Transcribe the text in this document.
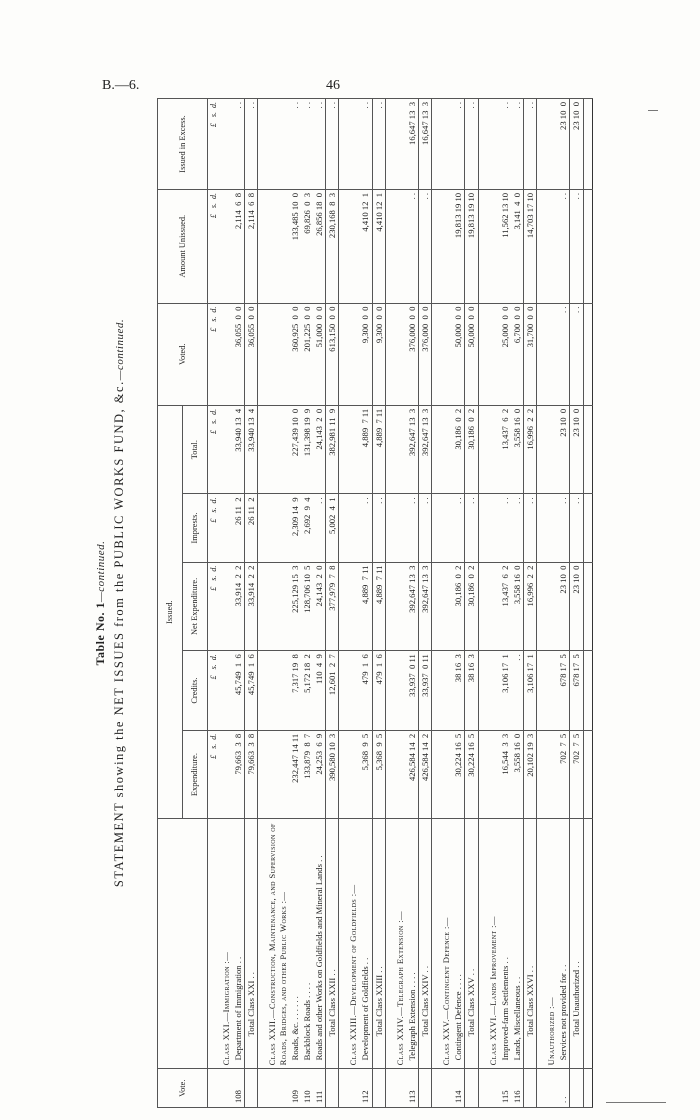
B.—6.	46
Table No. 1—continued. STATEMENT showing the NET ISSUES from the PUBLIC WORKS FUND, &c.—continued.
Vote.		Issued.					Voted.	Amount Unissued.	Issued in Excess.
		Expenditure.	Credits.	Net Expenditure.	Imprests.	Total.			
		£   s.  d.	£   s.  d.	£   s.  d.	£   s.  d.	£   s.  d.	£   s.  d.	£   s.  d.	£   s.  d.
	Class XXI.—Immigration :—								
108	Department of Immigration . .	79,663  3  8	45,749  1  6	33,914  2  2	26 11  2	33,940 13  4	36,055  0  0	2,114  6  8	. .
	Total Class XXI . .	79,663  3  8	45,749  1  6	33,914  2  2	26 11  2	33,940 13  4	36,055  0  0	2,114  6  8	. .

	Class XXII.—Construction, Maintenance, and Supervision of Roads, Bridges, and other Public Works :—								
109	Roads, &c. . . . . . .	232,447 14 11	7,317 19  8	225,129 15  3	2,309 14  9	227,439 10  0	360,925  0  0	133,485 10  0	. .
110	Backblock Roads . . . .	133,879  8  7	5,172 18  2	128,706 10  5	2,692  9  4	131,398 19  9	201,225  0  0	69,826  0  3	. .
111	Roads and other Works on Goldfields and Mineral Lands . .	24,253  6  9	110  4  9	24,143  2  0	. .	24,143  2  0	51,000  0  0	26,856 18  0	. .
	Total Class XXII . .	390,580 10  3	12,601  2  7	377,979  7  8	5,002  4  1	382,981 11  9	613,150  0  0	230,168  8  3	. .

	Class XXIII.—Development of Goldfields :—								
112	Development of Goldfields . .	5,368  9  5	479  1  6	4,889  7 11	. .	4,889  7 11	9,300  0  0	4,410 12  1	. .
	Total Class XXIII . .	5,368  9  5	479  1  6	4,889  7 11	. .	4,889  7 11	9,300  0  0	4,410 12  1	. .

	Class XXIV.—Telegraph Extension :—								
113	Telegraph Extension . . . .	426,584 14  2	33,937  0 11	392,647 13  3	. .	392,647 13  3	376,000  0  0	. .	16,647 13  3
	Total Class XXIV . .	426,584 14  2	33,937  0 11	392,647 13  3	. .	392,647 13  3	376,000  0  0	. .	16,647 13  3

	Class XXV.—Contingent Defence :—								
114	Contingent Defence . . . .	30,224 16  5	38 16  3	30,186  0  2	. .	30,186  0  2	50,000  0  0	19,813 19 10	. .
	Total Class XXV . .	30,224 16  5	38 16  3	30,186  0  2	. .	30,186  0  2	50,000  0  0	19,813 19 10	. .

	Class XXVI.—Lands Improvement :—								
115	Improved-farm Settlements . .	16,544  3  3	3,106 17  1	13,437  6  2	. .	13,437  6  2	25,000  0  0	11,562 13 10	. .
116	Lands, Miscellaneous . .	3,558 16  0	. .	3,558 16  0	. .	3,558 16  0	6,700  0  0	3,141  4  0	. .
	Total Class XXVI . .	20,102 19  3	3,106 17  1	16,996  2  2	. .	16,996  2  2	31,700  0  0	14,703 17 10	. .

	Unauthorized :—								
. .	Services not provided for . .	702  7  5	678 17  5	23 10  0	. .	23 10  0	. .	. .	23 10  0
	Total Unauthorized . .	702  7  5	678 17  5	23 10  0	. .	23 10  0	. .	. .	23 10  0
